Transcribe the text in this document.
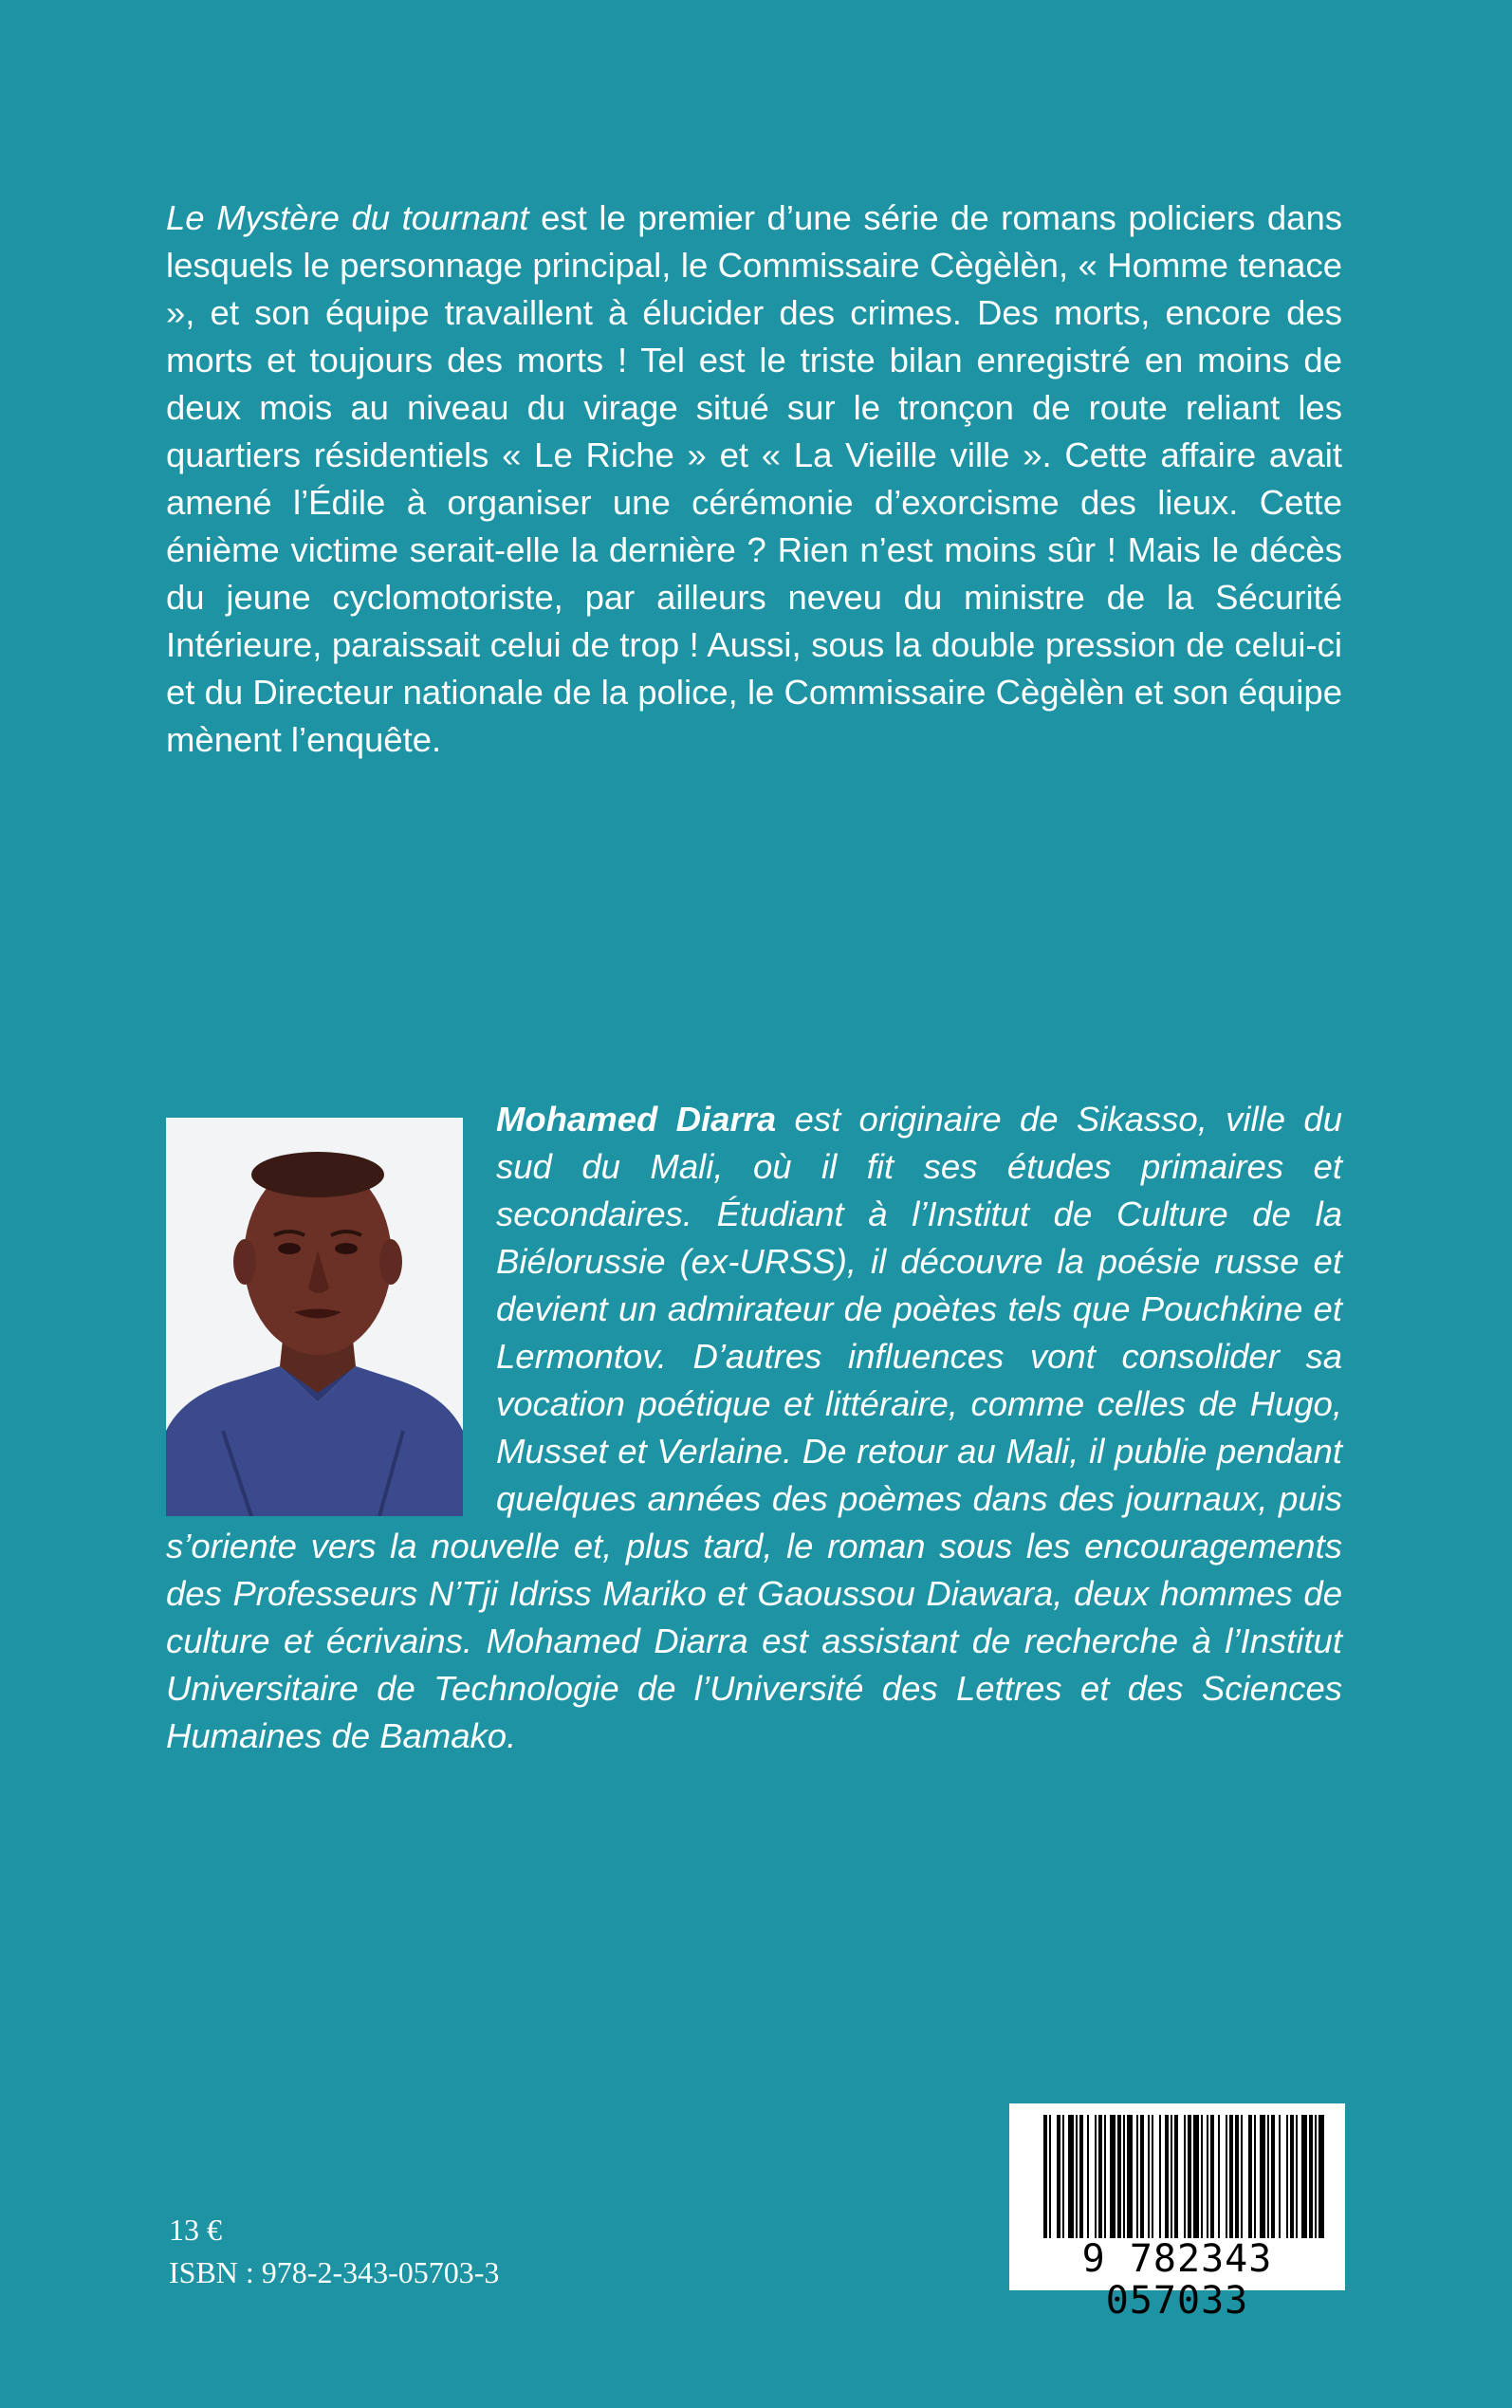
Le Mystère du tournant est le premier d’une série de romans policiers dans lesquels le personnage principal, le Commissaire Cègèlèn, « Homme tenace », et son équipe travaillent à élucider des crimes. Des morts, encore des morts et toujours des morts ! Tel est le triste bilan enregistré en moins de deux mois au niveau du virage situé sur le tronçon de route reliant les quartiers résidentiels « Le Riche » et « La Vieille ville ». Cette affaire avait amené l’Édile à organiser une cérémonie d’exorcisme des lieux. Cette énième victime serait-elle la dernière ? Rien n’est moins sûr ! Mais le décès du jeune cyclomotoriste, par ailleurs neveu du ministre de la Sécurité Intérieure, paraissait celui de trop ! Aussi, sous la double pression de celui-ci et du Directeur nationale de la police, le Commissaire Cègèlèn et son équipe mènent l’enquête.

Mohamed Diarra est originaire de Sikasso, ville du sud du Mali, où il fit ses études primaires et secondaires. Étudiant à l’Institut de Culture de la Biélorussie (ex-URSS), il découvre la poésie russe et devient un admirateur de poètes tels que Pouchkine et Lermontov. D’autres influences vont consolider sa vocation poétique et littéraire, comme celles de Hugo, Musset et Verlaine. De retour au Mali, il publie pendant quelques années des poèmes dans des journaux, puis s’oriente vers la nouvelle et, plus tard, le roman sous les encouragements des Professeurs N’Tji Idriss Mariko et Gaoussou Diawara, deux hommes de culture et écrivains. Mohamed Diarra est assistant de recherche à l’Institut Universitaire de Technologie de l’Université des Lettres et des Sciences Humaines de Bamako.

13 €
ISBN : 978-2-343-05703-3	9 782343 057033
